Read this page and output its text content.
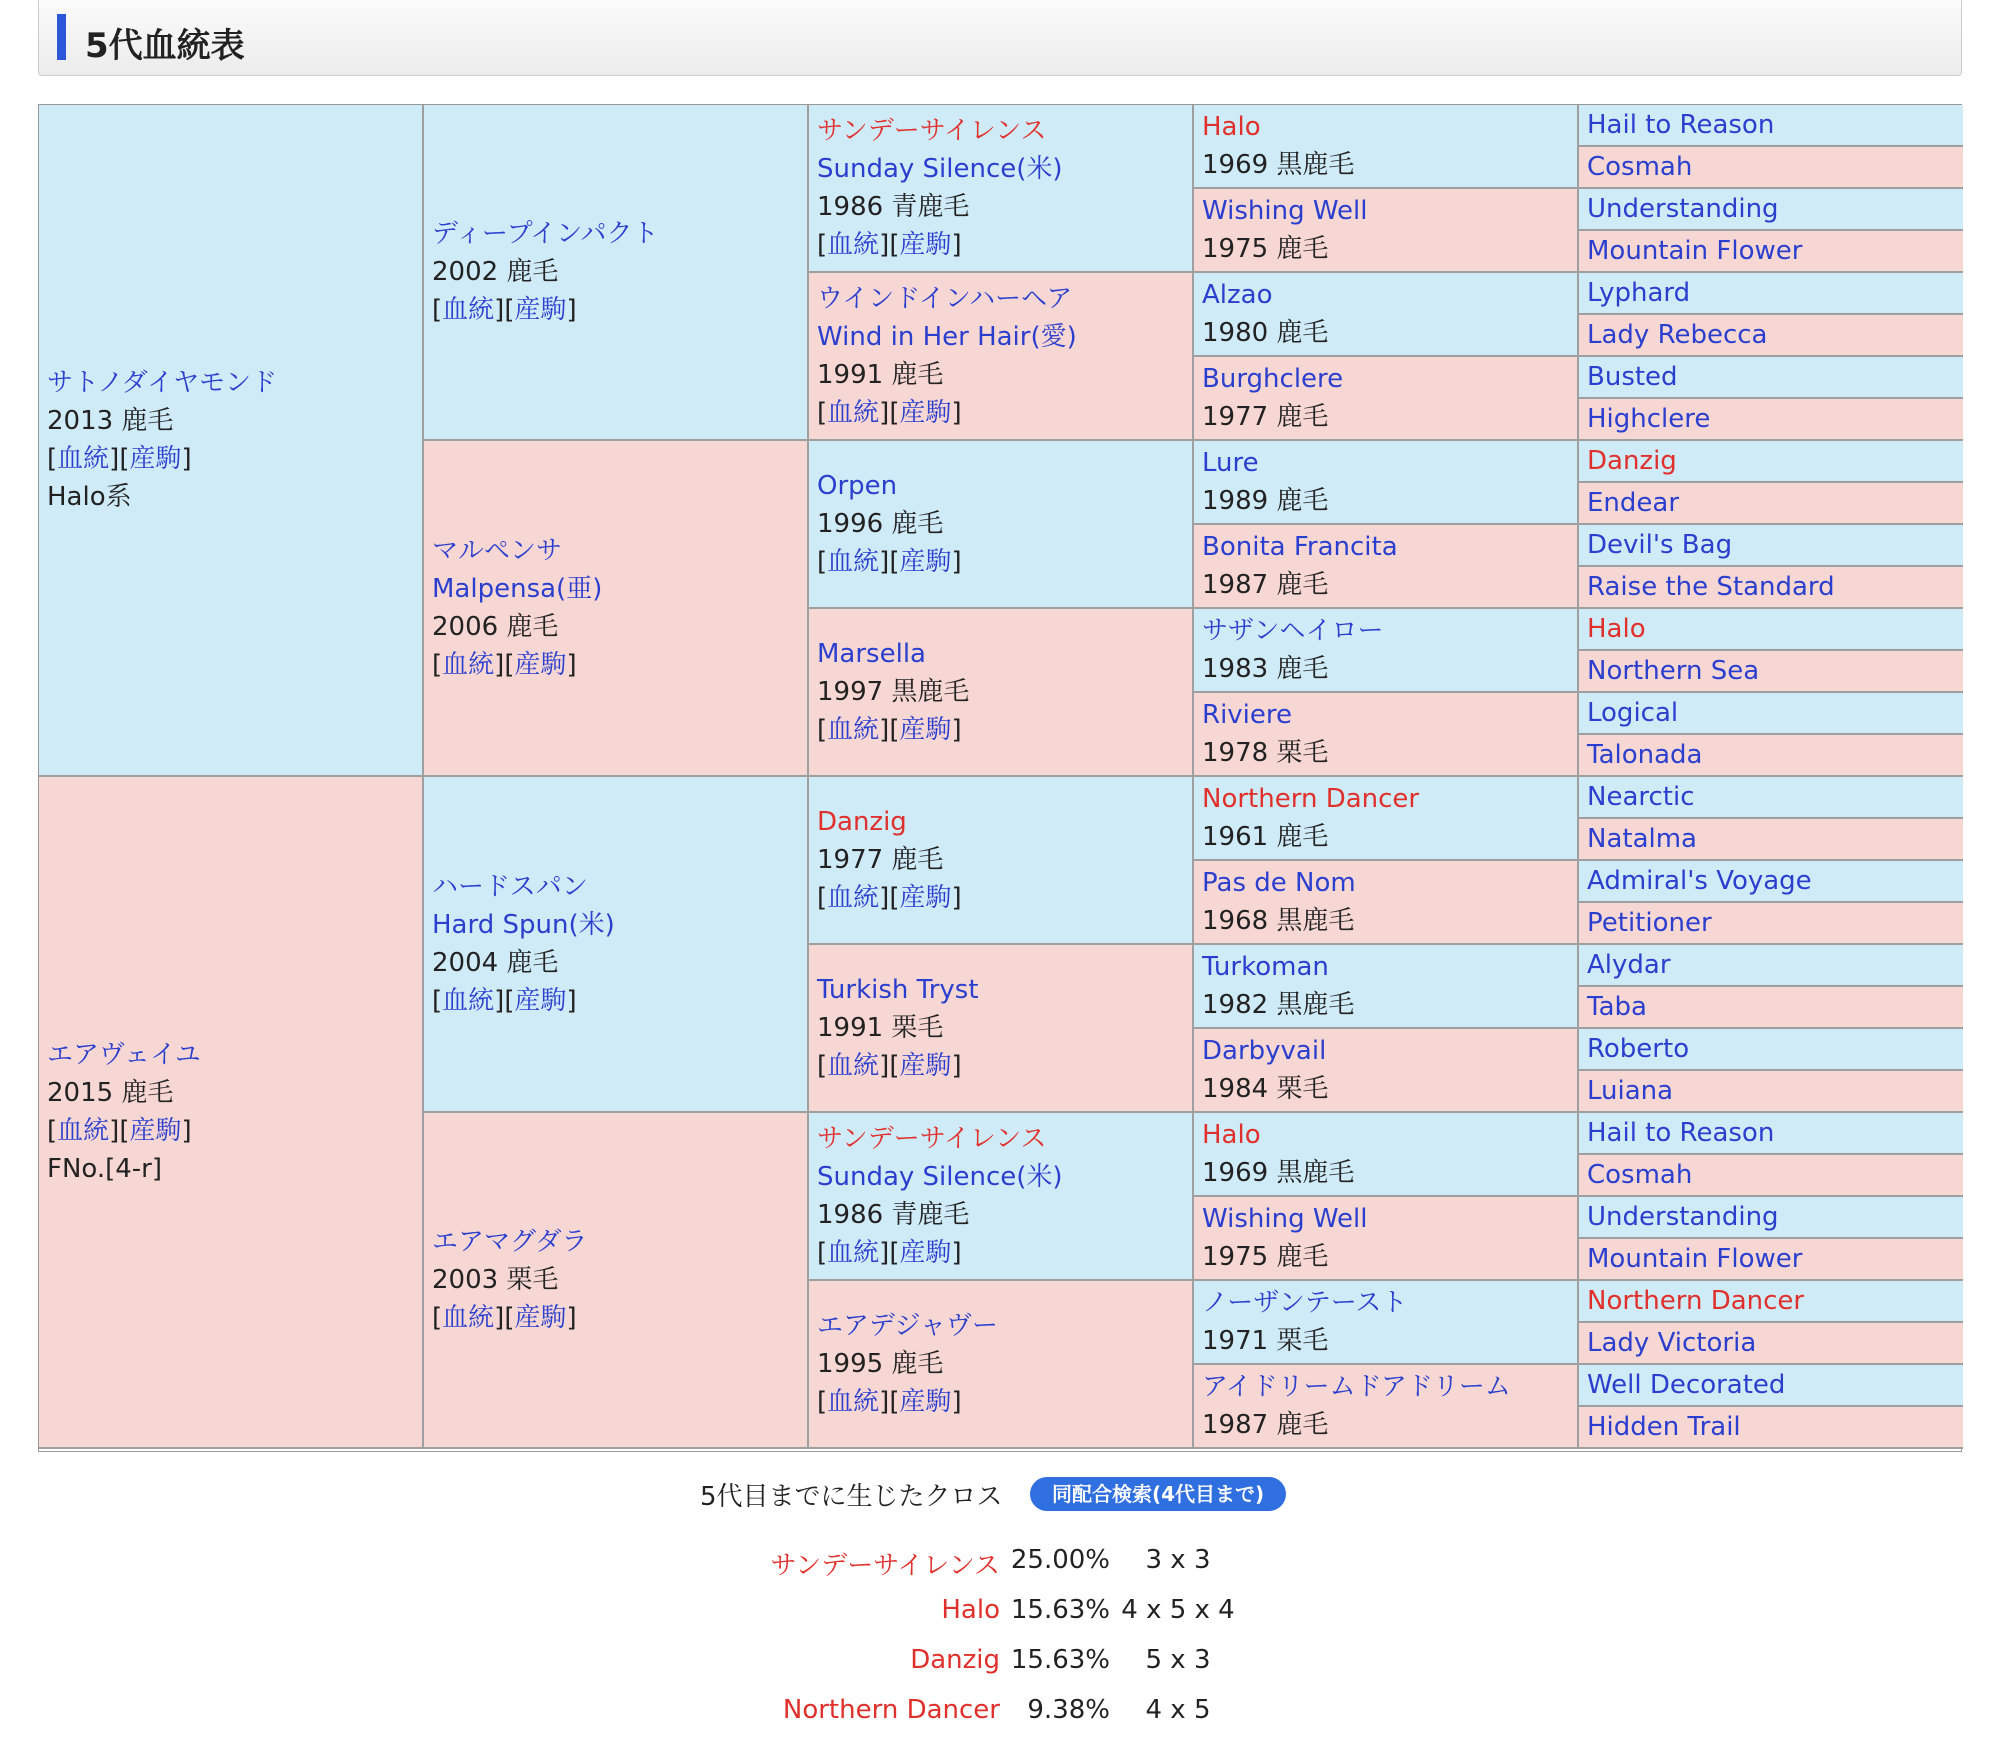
5代血統表
サトノダイヤモンド
2013 鹿毛
[血統][産駒]
Halo系
エアヴェイユ
2015 鹿毛
[血統][産駒]
FNo.[4-r]
ディープインパクト
2002 鹿毛
[血統][産駒]
マルペンサ
Malpensa(亜)
2006 鹿毛
[血統][産駒]
ハードスパン
Hard Spun(米)
2004 鹿毛
[血統][産駒]
エアマグダラ
2003 栗毛
[血統][産駒]
サンデーサイレンス
Sunday Silence(米)
1986 青鹿毛
[血統][産駒]
ウインドインハーヘア
Wind in Her Hair(愛)
1991 鹿毛
[血統][産駒]
Orpen
1996 鹿毛
[血統][産駒]
Marsella
1997 黒鹿毛
[血統][産駒]
Danzig
1977 鹿毛
[血統][産駒]
Turkish Tryst
1991 栗毛
[血統][産駒]
サンデーサイレンス
Sunday Silence(米)
1986 青鹿毛
[血統][産駒]
エアデジャヴー
1995 鹿毛
[血統][産駒]
Halo
1969 黒鹿毛
Wishing Well
1975 鹿毛
Alzao
1980 鹿毛
Burghclere
1977 鹿毛
Lure
1989 鹿毛
Bonita Francita
1987 鹿毛
サザンヘイロー
1983 鹿毛
Riviere
1978 栗毛
Northern Dancer
1961 鹿毛
Pas de Nom
1968 黒鹿毛
Turkoman
1982 黒鹿毛
Darbyvail
1984 栗毛
Halo
1969 黒鹿毛
Wishing Well
1975 鹿毛
ノーザンテースト
1971 栗毛
アイドリームドアドリーム
1987 鹿毛
Hail to Reason
Cosmah
Understanding
Mountain Flower
Lyphard
Lady Rebecca
Busted
Highclere
Danzig
Endear
Devil's Bag
Raise the Standard
Halo
Northern Sea
Logical
Talonada
Nearctic
Natalma
Admiral's Voyage
Petitioner
Alydar
Taba
Roberto
Luiana
Hail to Reason
Cosmah
Understanding
Mountain Flower
Northern Dancer
Lady Victoria
Well Decorated
Hidden Trail
5代目までに生じたクロス	同配合検索(4代目まで)
サンデーサイレンス 25.00% 3 x 3
Halo 15.63% 4 x 5 x 4
Danzig 15.63% 5 x 3
Northern Dancer 9.38% 4 x 5
